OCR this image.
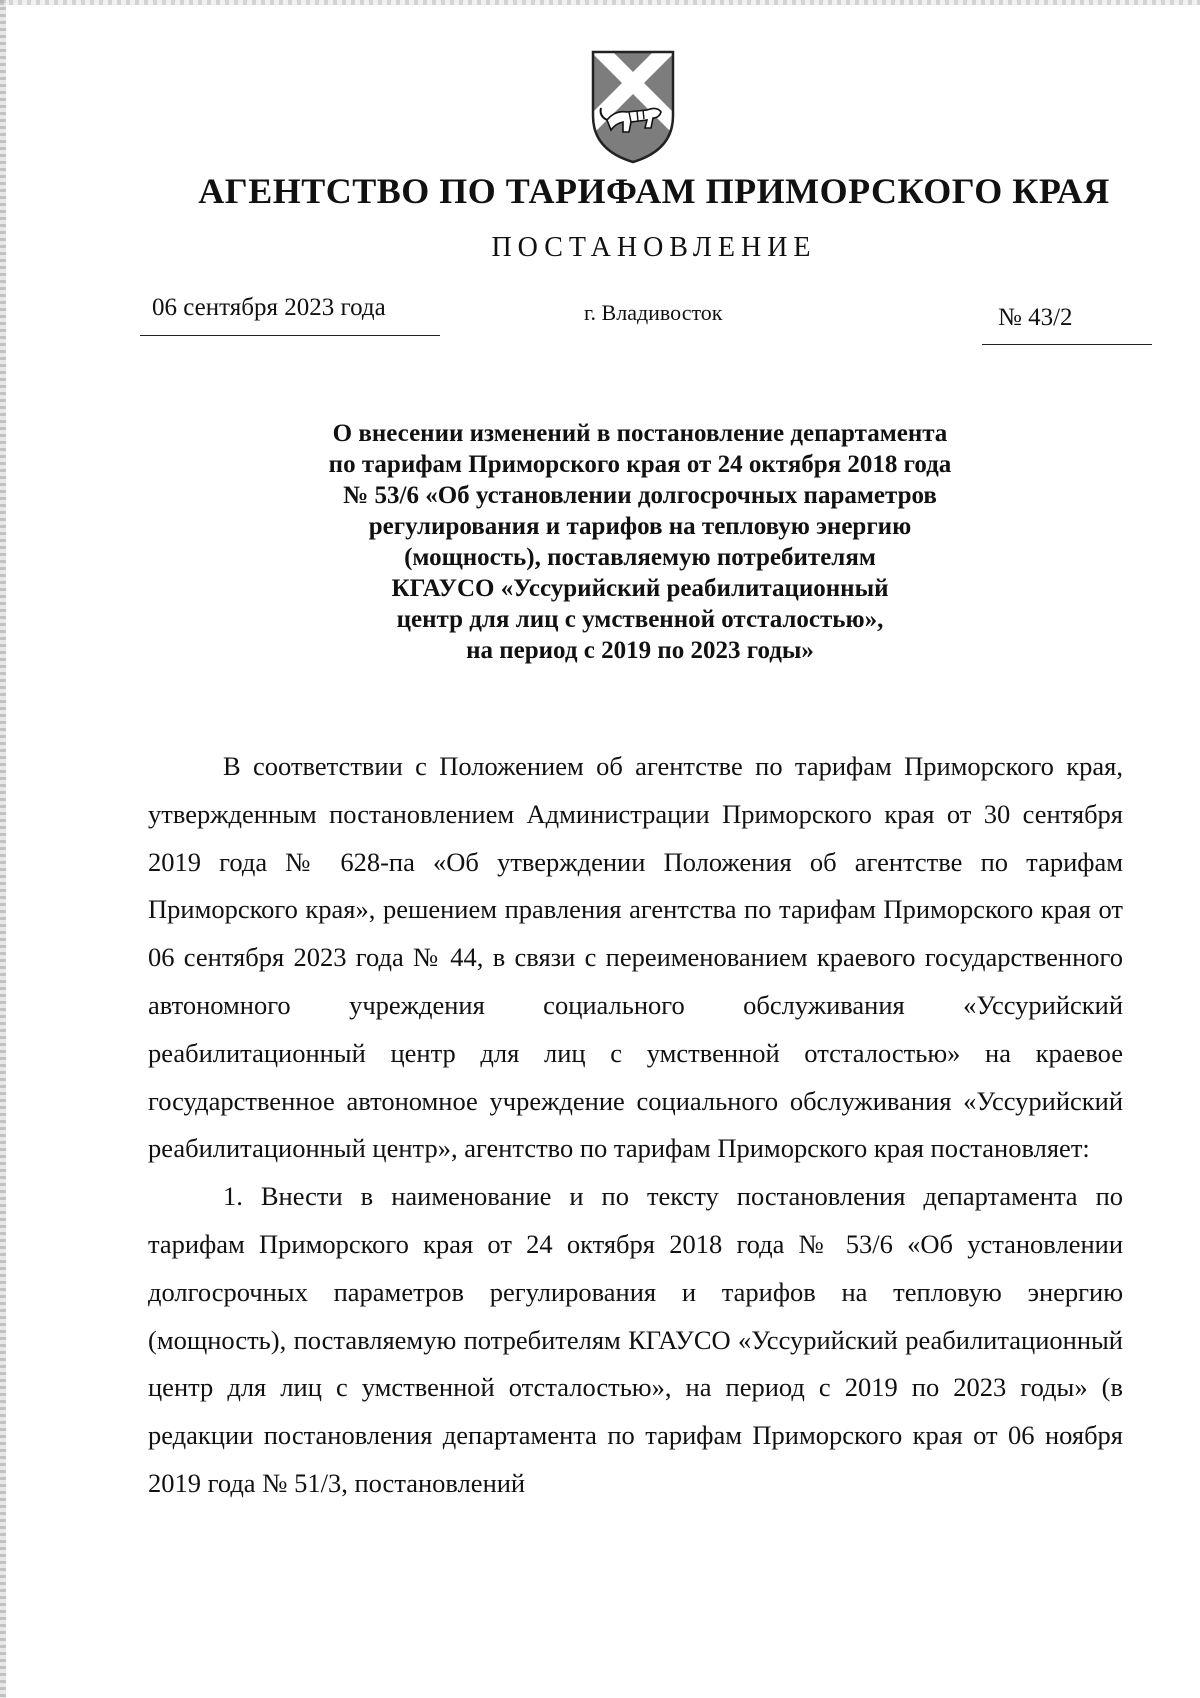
АГЕНТСТВО ПО ТАРИФАМ ПРИМОРСКОГО КРАЯ
ПОСТАНОВЛЕНИЕ
06 сентября 2023 года	г. Владивосток	№ 43/2
О внесении изменений в постановление департамента
по тарифам Приморского края от 24 октября 2018 года
№ 53/6 «Об установлении долгосрочных параметров
регулирования и тарифов на тепловую энергию
(мощность), поставляемую потребителям
КГАУСО «Уссурийский реабилитационный
центр для лиц с умственной отсталостью»,
на период с 2019 по 2023 годы»

В соответствии с Положением об агентстве по тарифам Приморского края, утвержденным постановлением Администрации Приморского края от 30 сентября 2019 года № 628-па «Об утверждении Положения об агентстве по тарифам Приморского края», решением правления агентства по тарифам Приморского края от 06 сентября 2023 года № 44, в связи с переименованием краевого государственного автономного учреждения социального обслуживания «Уссурийский реабилитационный центр для лиц с умственной отсталостью» на краевое государственное автономное учреждение социального обслуживания «Уссурийский реабилитационный центр», агентство по тарифам Приморского края постановляет:

1. Внести в наименование и по тексту постановления департамента по тарифам Приморского края от 24 октября 2018 года № 53/6 «Об установлении долгосрочных параметров регулирования и тарифов на тепловую энергию (мощность), поставляемую потребителям КГАУСО «Уссурийский реабилитационный центр для лиц с умственной отсталостью», на период с 2019 по 2023 годы» (в редакции постановления департамента по тарифам Приморского края от 06 ноября 2019 года № 51/3, постановлений
